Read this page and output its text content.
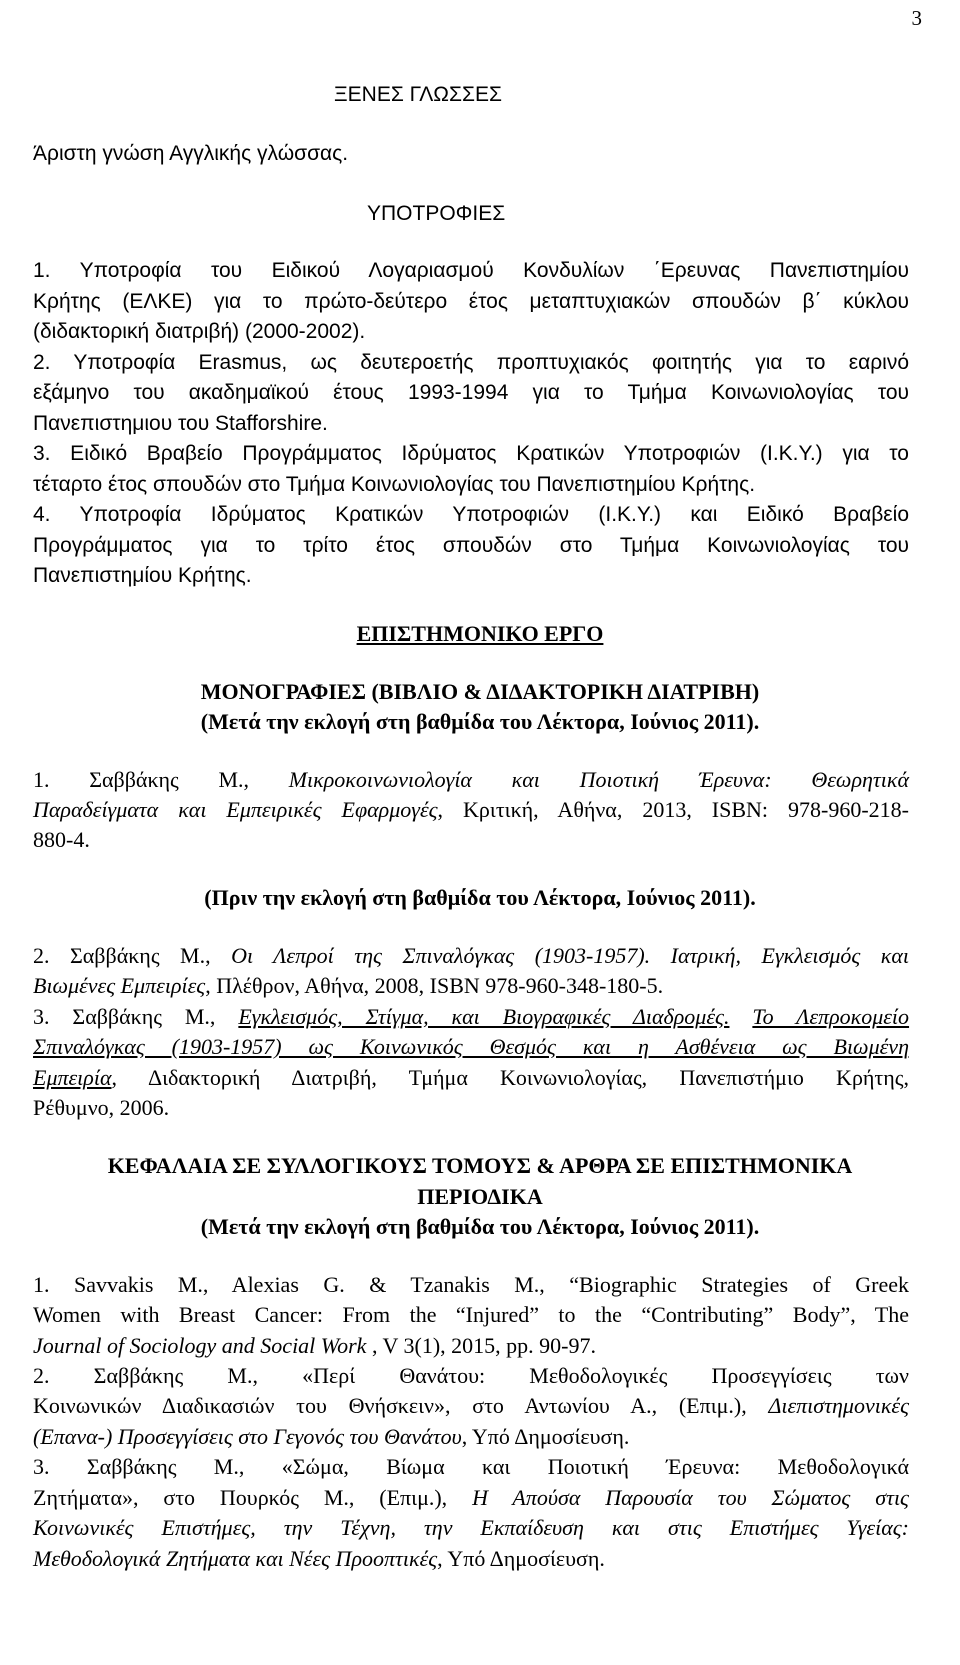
3
ΞΕΝΕΣ ΓΛΩΣΣΕΣ
Άριστη γνώση Αγγλικής γλώσσας.
ΥΠΟΤΡΟΦΙΕΣ
1. Υποτροφία του Ειδικού Λογαριασμού Κονδυλίων ΄Ερευνας Πανεπιστημίου
Κρήτης (ΕΛΚΕ) για το πρώτο-δεύτερο έτος μεταπτυχιακών σπουδών β΄ κύκλου
(διδακτορική διατριβή) (2000-2002).
2. Υποτροφία Erasmus, ως δευτεροετής προπτυχιακός φοιτητής για το εαρινό
εξάμηνο του ακαδημαϊκού έτους 1993-1994 για το Τμήμα Κοινωνιολογίας του
Πανεπιστημιου του Stafforshire.
3. Ειδικό Βραβείο Προγράμματος Ιδρύματος Κρατικών Υποτροφιών (Ι.Κ.Υ.) για το
τέταρτο έτος σπουδών στο Τμήμα Κοινωνιολογίας του Πανεπιστημίου Κρήτης.
4. Υποτροφία Ιδρύματος Κρατικών Υποτροφιών (Ι.Κ.Υ.) και Ειδικό Βραβείο
Προγράμματος για το τρίτο έτος σπουδών στο Τμήμα Κοινωνιολογίας του
Πανεπιστημίου Κρήτης.
ΕΠΙΣΤΗΜΟΝΙΚΟ ΕΡΓΟ
ΜΟΝΟΓΡΑΦΙΕΣ (ΒΙΒΛΙΟ & ΔΙΔΑΚΤΟΡΙΚΗ ΔΙΑΤΡΙΒΗ)
(Μετά την εκλογή στη βαθμίδα του Λέκτορα, Ιούνιος 2011).
1. Σαββάκης Μ., Μικροκοινωνιολογία και Ποιοτική Έρευνα: Θεωρητικά
Παραδείγματα και Εμπειρικές Εφαρμογές, Κριτική, Αθήνα, 2013, ISBN: 978-960-218-
880-4.
(Πριν την εκλογή στη βαθμίδα του Λέκτορα, Ιούνιος 2011).
2. Σαββάκης Μ., Οι Λεπροί της Σπιναλόγκας (1903-1957). Ιατρική, Εγκλεισμός και
Βιωμένες Εμπειρίες, Πλέθρον, Αθήνα, 2008, ISBN 978-960-348-180-5.
3. Σαββάκης Μ., Εγκλεισμός, Στίγμα, και Βιογραφικές Διαδρομές. Το Λεπροκομείο
Σπιναλόγκας (1903-1957) ως Κοινωνικός Θεσμός και η Ασθένεια ως Βιωμένη
Εμπειρία, Διδακτορική Διατριβή, Τμήμα Κοινωνιολογίας, Πανεπιστήμιο Κρήτης,
Ρέθυμνο, 2006.
ΚΕΦΑΛΑΙΑ ΣΕ ΣΥΛΛΟΓΙΚΟΥΣ ΤΟΜΟΥΣ & ΑΡΘΡΑ ΣΕ ΕΠΙΣΤΗΜΟΝΙΚΑ
ΠΕΡΙΟΔΙΚΑ
(Μετά την εκλογή στη βαθμίδα του Λέκτορα, Ιούνιος 2011).
1. Savvakis M., Alexias G. & Tzanakis M., “Biographic Strategies of Greek
Women with Breast Cancer: From the “Injured” to the “Contributing” Body”, The
Journal of Sociology and Social Work , V 3(1), 2015, pp. 90-97.
2. Σαββάκης Μ., «Περί Θανάτου: Μεθοδολογικές Προσεγγίσεις των
Κοινωνικών Διαδικασιών του Θνήσκειν», στο Αντωνίου Α., (Επιμ.), Διεπιστημονικές
(Επανα-) Προσεγγίσεις στο Γεγονός του Θανάτου, Υπό Δημοσίευση.
3. Σαββάκης Μ., «Σώμα, Βίωμα και Ποιοτική Έρευνα: Μεθοδολογικά
Ζητήματα», στο Πουρκός Μ., (Επιμ.), Η Απούσα Παρουσία του Σώματος στις
Κοινωνικές Επιστήμες, την Τέχνη, την Εκπαίδευση και στις Επιστήμες Υγείας:
Μεθοδολογικά Ζητήματα και Νέες Προοπτικές, Υπό Δημοσίευση.
